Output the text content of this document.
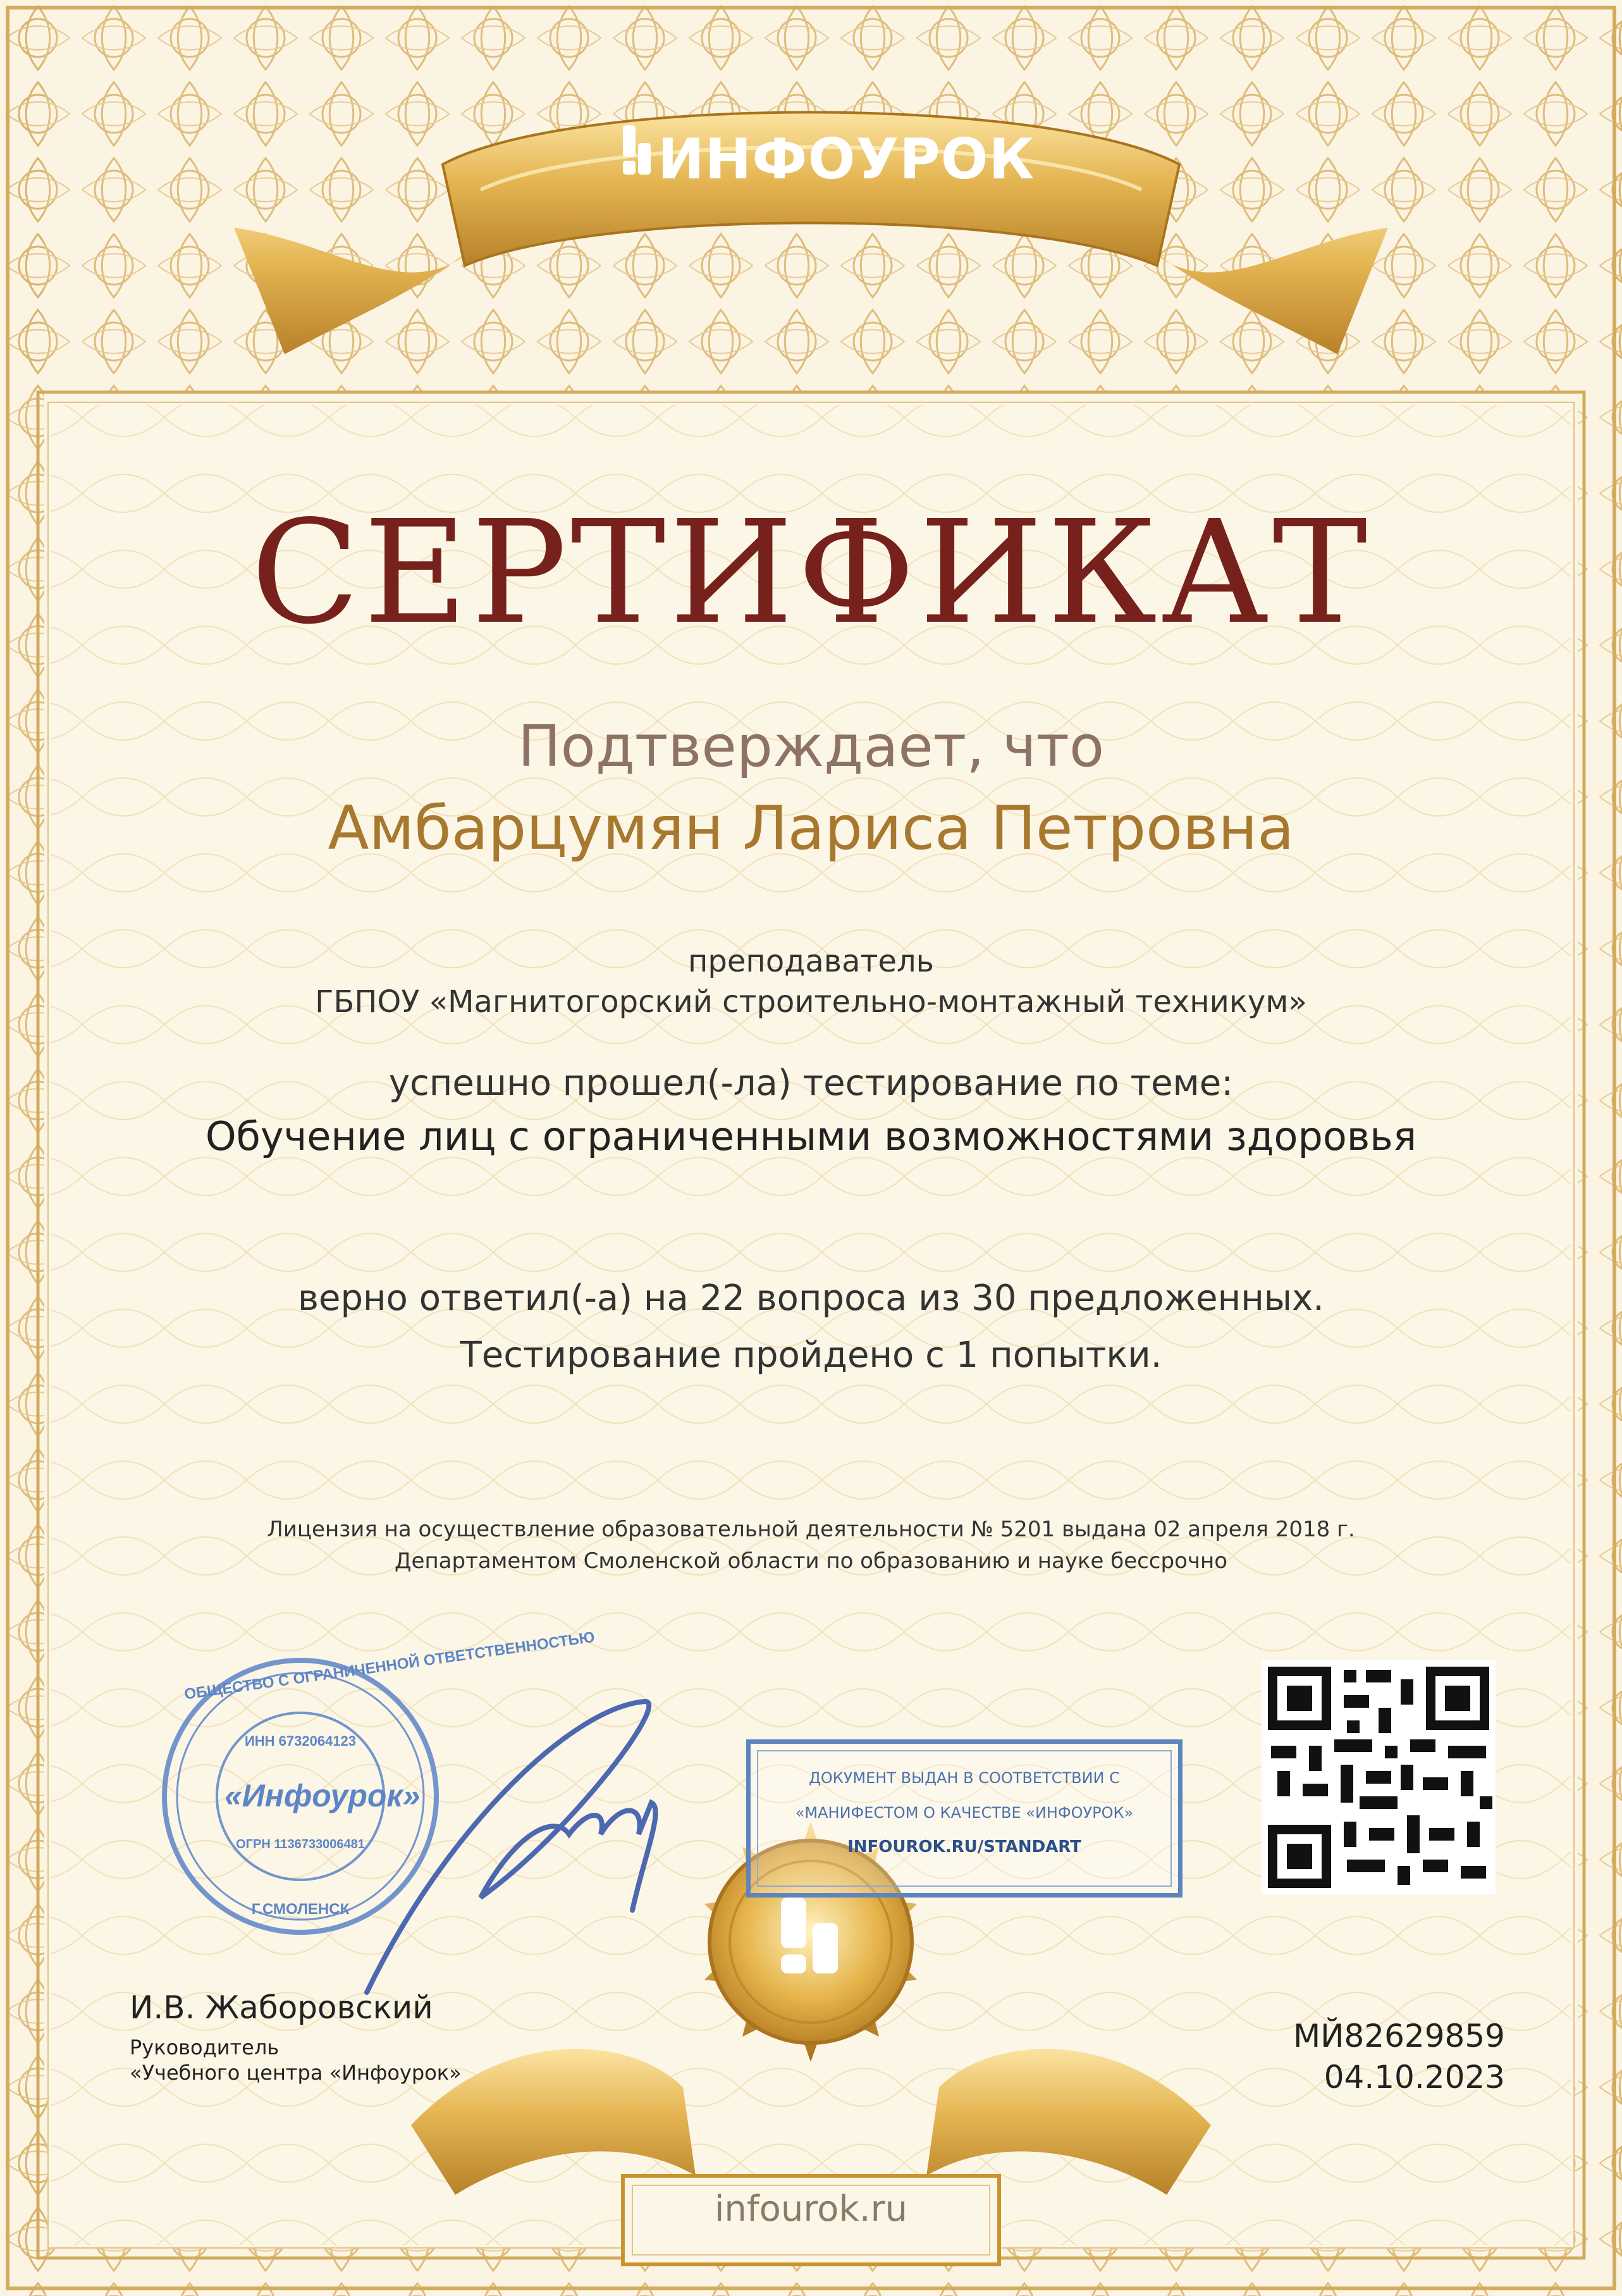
ИНФОУРОК
СЕРТИФИКАТ
Подтверждает, что
Амбарцумян Лариса Петровна
преподаватель
ГБПОУ «Магнитогорский строительно-монтажный техникум»
успешно прошел(-ла) тестирование по теме:
Обучение лиц с ограниченными возможностями здоровья
верно ответил(-а) на 22 вопроса из 30 предложенных.
Тестирование пройдено с 1 попытки.
Лицензия на осуществление образовательной деятельности № 5201 выдана 02 апреля 2018 г.
Департаментом Смоленской области по образованию и науке бессрочно
ОБЩЕСТВО С ОГРАНИЧЕННОЙ ОТВЕТСТВЕННОСТЬЮ
ИНН 6732064123
«Инфоурок»
ОГРН 1136733006481
Г.СМОЛЕНСК
ДОКУМЕНТ ВЫДАН В СООТВЕТСТВИИ С
«МАНИФЕСТОМ О КАЧЕСТВЕ «ИНФОУРОК»
INFOUROK.RU/STANDART
И.В. Жаборовский
Руководитель
«Учебного центра «Инфоурок»
МЙ82629859
04.10.2023
infourok.ru
